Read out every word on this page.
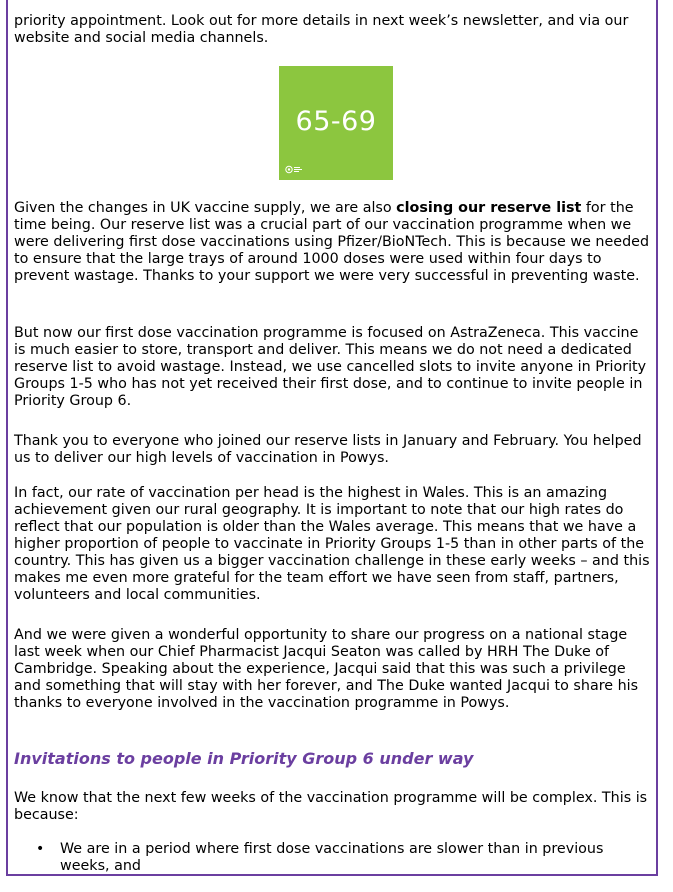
priority appointment. Look out for more details in next week’s newsletter, and via our
website and social media channels.

65-69

Given the changes in UK vaccine supply, we are also closing our reserve list for the time being. Our reserve list was a crucial part of our vaccination programme when we were delivering first dose vaccinations using Pfizer/BioNTech. This is because we needed to ensure that the large trays of around 1000 doses were used within four days to prevent wastage. Thanks to your support we were very successful in preventing waste.

But now our first dose vaccination programme is focused on AstraZeneca. This vaccine is much easier to store, transport and deliver. This means we do not need a dedicated reserve list to avoid wastage. Instead, we use cancelled slots to invite anyone in Priority Groups 1-5 who has not yet received their first dose, and to continue to invite people in Priority Group 6.

Thank you to everyone who joined our reserve lists in January and February. You helped us to deliver our high levels of vaccination in Powys.

In fact, our rate of vaccination per head is the highest in Wales. This is an amazing achievement given our rural geography. It is important to note that our high rates do reflect that our population is older than the Wales average. This means that we have a higher proportion of people to vaccinate in Priority Groups 1-5 than in other parts of the country. This has given us a bigger vaccination challenge in these early weeks – and this makes me even more grateful for the team effort we have seen from staff, partners, volunteers and local communities.

And we were given a wonderful opportunity to share our progress on a national stage last week when our Chief Pharmacist Jacqui Seaton was called by HRH The Duke of Cambridge. Speaking about the experience, Jacqui said that this was such a privilege and something that will stay with her forever, and The Duke wanted Jacqui to share his thanks to everyone involved in the vaccination programme in Powys.

Invitations to people in Priority Group 6 under way

We know that the next few weeks of the vaccination programme will be complex. This is because:

• We are in a period where first dose vaccinations are slower than in previous weeks, and
